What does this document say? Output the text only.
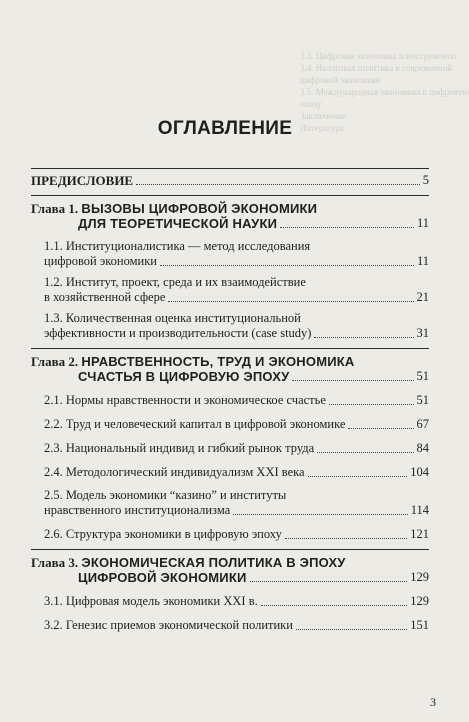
3.3. Цифровая экономика и инструменты
3.4. Налоговая политика в современной
цифровой экономике
3.5. Международная экономика в цифровую
эпоху
Заключение
Литература
ОГЛАВЛЕНИЕ
ПРЕДИСЛОВИЕ	5
Глава 1. ВЫЗОВЫ ЦИФРОВОЙ ЭКОНОМИКИ
ДЛЯ ТЕОРЕТИЧЕСКОЙ НАУКИ	11
1.1. Институционалистика — метод исследования
цифровой экономики	11
1.2. Институт, проект, среда и их взаимодействие
в хозяйственной сфере	21
1.3. Количественная оценка институциональной
эффективности и производительности (case study)	31
Глава 2. НРАВСТВЕННОСТЬ, ТРУД И ЭКОНОМИКА
СЧАСТЬЯ В ЦИФРОВУЮ ЭПОХУ	51
2.1. Нормы нравственности и экономическое счастье	51
2.2. Труд и человеческий капитал в цифровой экономике	67
2.3. Национальный индивид и гибкий рынок труда	84
2.4. Методологический индивидуализм XXI века	104
2.5. Модель экономики “казино” и институты
нравственного институционализма	114
2.6. Структура экономики в цифровую эпоху	121
Глава 3. ЭКОНОМИЧЕСКАЯ ПОЛИТИКА В ЭПОХУ
ЦИФРОВОЙ ЭКОНОМИКИ	129
3.1. Цифровая модель экономики XXI в.	129
3.2. Генезис приемов экономической политики	151
3
